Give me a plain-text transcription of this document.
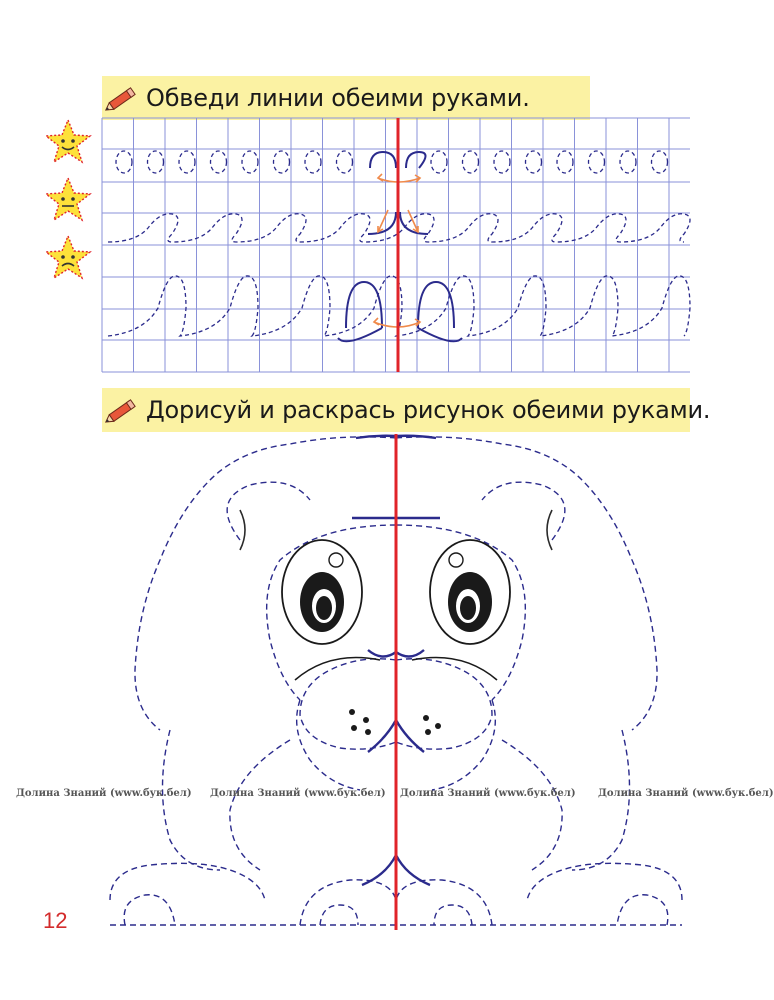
Обведи линии обеими руками.
Дорисуй и раскрась рисунок обеими руками.
Долина Знаний (www.бук.бел) Долина Знаний (www.бук.бел) Долина Знаний (www.бук.бел) Долина Знаний (www.бук.бел)
12
